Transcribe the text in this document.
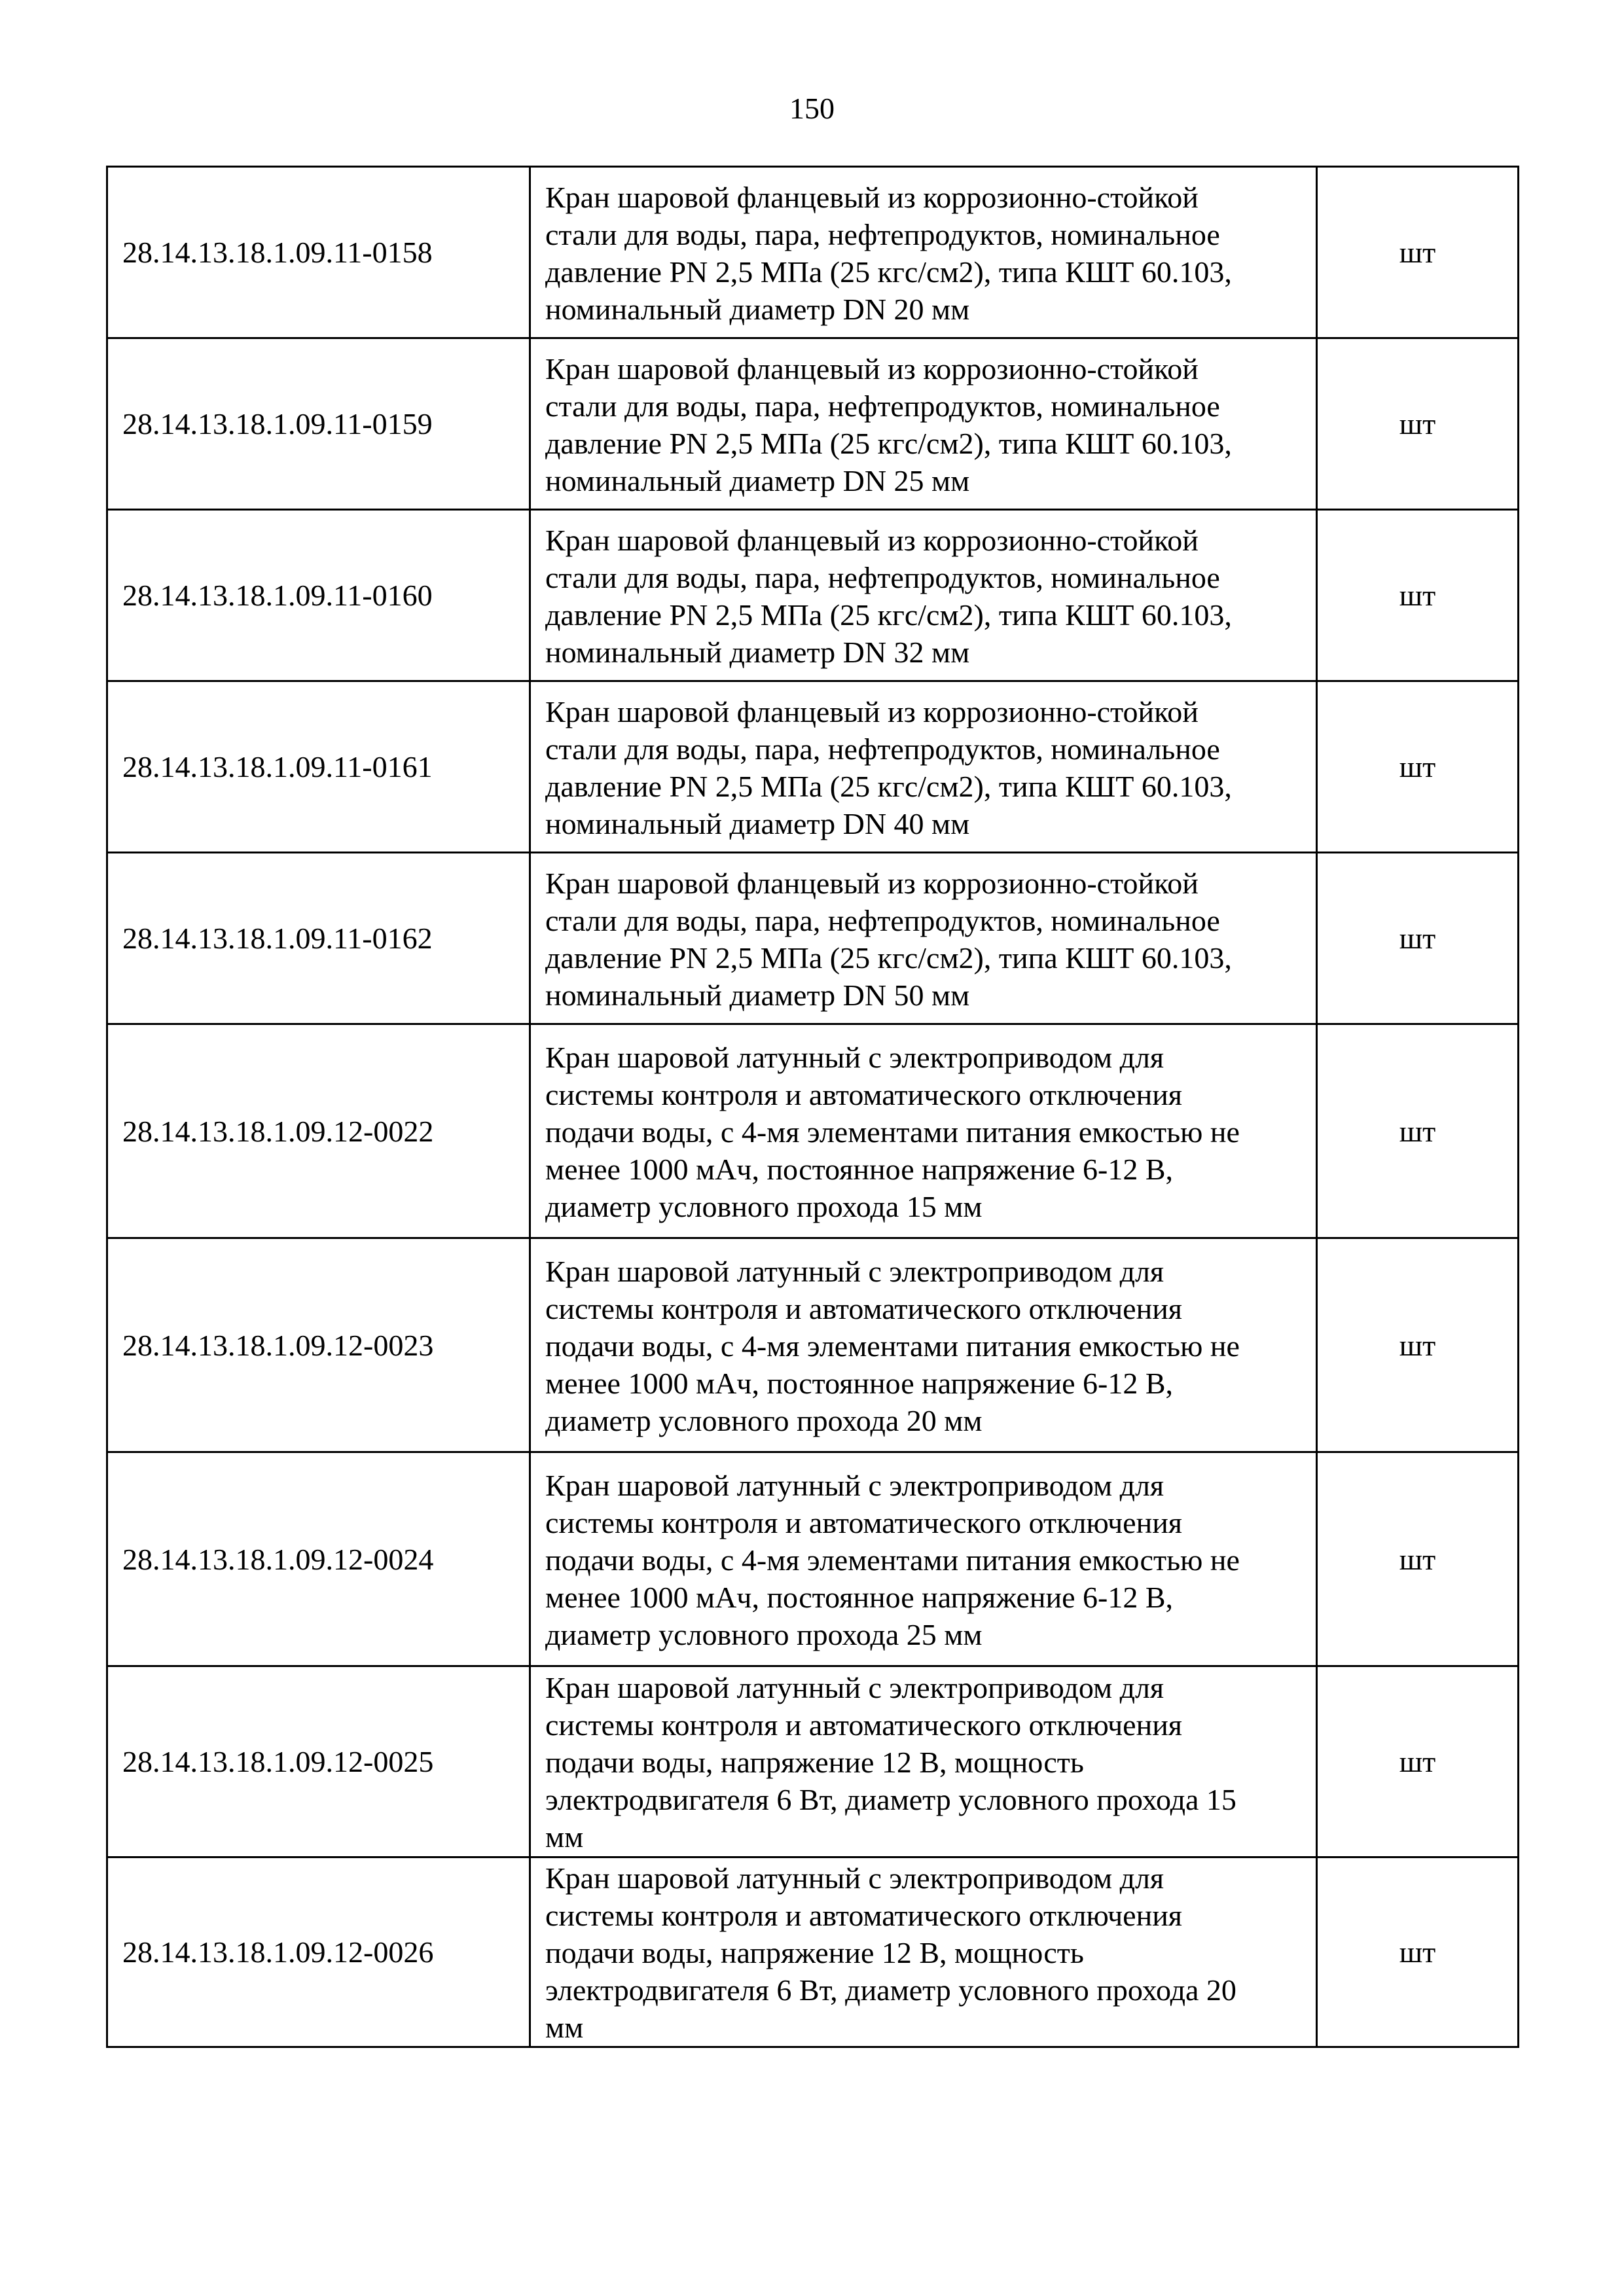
150
28.14.13.18.1.09.11-0158	Кран шаровой фланцевый из коррозионно-стойкой
стали для воды, пара, нефтепродуктов, номинальное
давление PN 2,5 МПа (25 кгс/см2), типа КШТ 60.103,
номинальный диаметр DN 20 мм	шт
28.14.13.18.1.09.11-0159	Кран шаровой фланцевый из коррозионно-стойкой
стали для воды, пара, нефтепродуктов, номинальное
давление PN 2,5 МПа (25 кгс/см2), типа КШТ 60.103,
номинальный диаметр DN 25 мм	шт
28.14.13.18.1.09.11-0160	Кран шаровой фланцевый из коррозионно-стойкой
стали для воды, пара, нефтепродуктов, номинальное
давление PN 2,5 МПа (25 кгс/см2), типа КШТ 60.103,
номинальный диаметр DN 32 мм	шт
28.14.13.18.1.09.11-0161	Кран шаровой фланцевый из коррозионно-стойкой
стали для воды, пара, нефтепродуктов, номинальное
давление PN 2,5 МПа (25 кгс/см2), типа КШТ 60.103,
номинальный диаметр DN 40 мм	шт
28.14.13.18.1.09.11-0162	Кран шаровой фланцевый из коррозионно-стойкой
стали для воды, пара, нефтепродуктов, номинальное
давление PN 2,5 МПа (25 кгс/см2), типа КШТ 60.103,
номинальный диаметр DN 50 мм	шт
28.14.13.18.1.09.12-0022	Кран шаровой латунный с электроприводом для
системы контроля и автоматического отключения
подачи воды, с 4-мя элементами питания емкостью не
менее 1000 мАч, постоянное напряжение 6-12 В,
диаметр условного прохода 15 мм	шт
28.14.13.18.1.09.12-0023	Кран шаровой латунный с электроприводом для
системы контроля и автоматического отключения
подачи воды, с 4-мя элементами питания емкостью не
менее 1000 мАч, постоянное напряжение 6-12 В,
диаметр условного прохода 20 мм	шт
28.14.13.18.1.09.12-0024	Кран шаровой латунный с электроприводом для
системы контроля и автоматического отключения
подачи воды, с 4-мя элементами питания емкостью не
менее 1000 мАч, постоянное напряжение 6-12 В,
диаметр условного прохода 25 мм	шт
28.14.13.18.1.09.12-0025	Кран шаровой латунный с электроприводом для
системы контроля и автоматического отключения
подачи воды, напряжение 12 В, мощность
электродвигателя 6 Вт, диаметр условного прохода 15
мм	шт
28.14.13.18.1.09.12-0026	Кран шаровой латунный с электроприводом для
системы контроля и автоматического отключения
подачи воды, напряжение 12 В, мощность
электродвигателя 6 Вт, диаметр условного прохода 20
мм	шт
